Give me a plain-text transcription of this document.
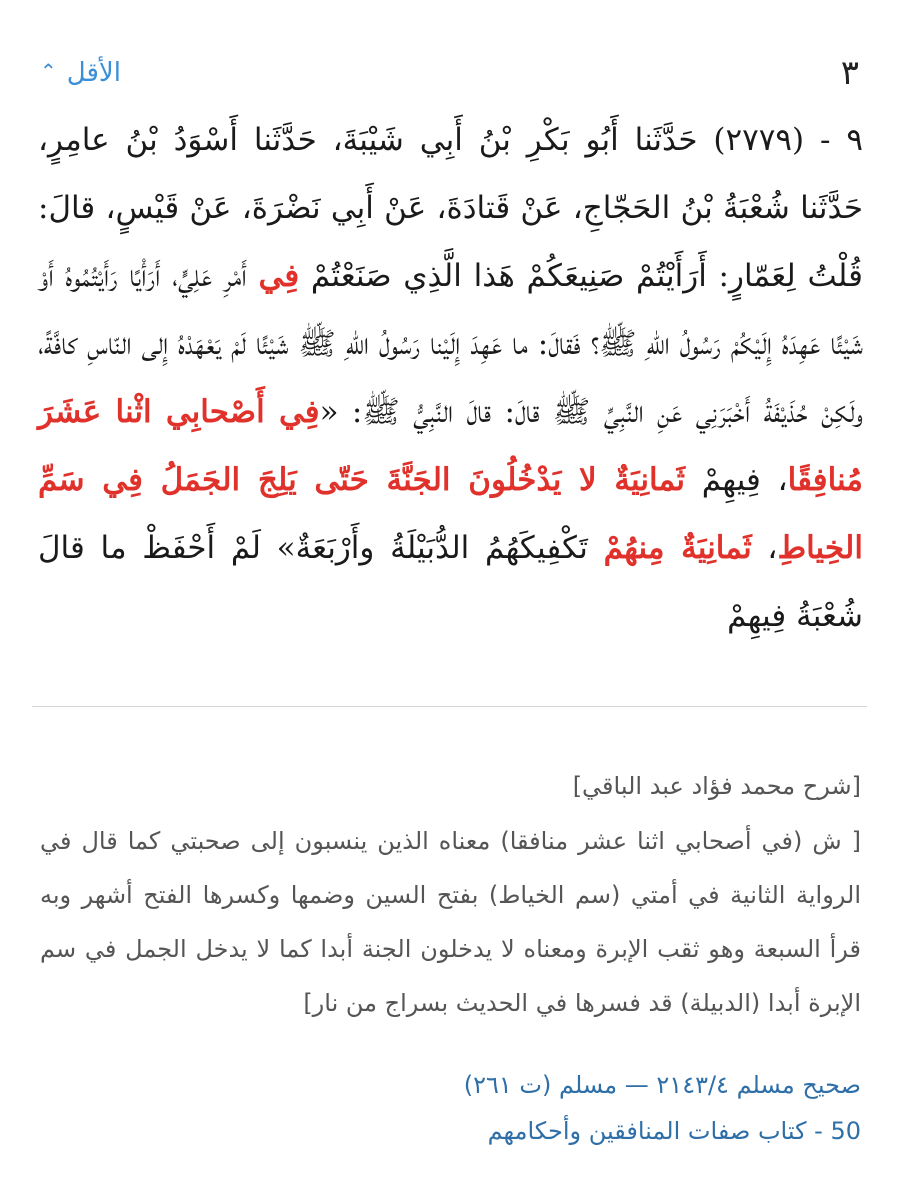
٣
الأقل
⌃
٩ - (٢٧٧٩) حَدَّثَنا أَبُو بَكْرِ بْنُ أَبِي شَيْبَةَ، حَدَّثَنا أَسْوَدُ بْنُ عامِرٍ، حَدَّثَنا شُعْبَةُ بْنُ الحَجّاجِ، عَنْ قَتادَةَ، عَنْ أَبِي نَضْرَةَ، عَنْ قَيْسٍ، قالَ: قُلْتُ لِعَمّارٍ: أَرَأَيْتُمْ صَنِيعَكُمْ هَذا الَّذِي صَنَعْتُمْ فِي أَمْرِ عَلِيٍّ، أَرَأْيًا رَأَيْتُمُوهُ أَوْ شَيْئًا عَهِدَهُ إِلَيْكُمْ رَسُولُ اللهِ ﷺ؟ فَقالَ: ما عَهِدَ إِلَيْنا رَسُولُ اللهِ ﷺ شَيْئًا لَمْ يَعْهَدْهُ إِلى النّاسِ كافَّةً، ولَكِنْ حُذَيْفَةُ أَخْبَرَنِي عَنِ النَّبِيِّ ﷺ قالَ: قالَ النَّبِيُّ ﷺ: «فِي أَصْحابِي اثْنا عَشَرَ مُنافِقًا، فِيهِمْ ثَمانِيَةٌ لا يَدْخُلُونَ الجَنَّةَ حَتّى يَلِجَ الجَمَلُ فِي سَمِّ الخِياطِ، ثَمانِيَةٌ مِنهُمْ تَكْفِيكَهُمُ الدُّبَيْلَةُ وأَرْبَعَةٌ» لَمْ أَحْفَظْ ما قالَ شُعْبَةُ فِيهِمْ
[شرح محمد فؤاد عبد الباقي]
[ ش (في أصحابي اثنا عشر منافقا) معناه الذين ينسبون إلى صحبتي كما قال في الرواية الثانية في أمتي (سم الخياط) بفتح السين وضمها وكسرها الفتح أشهر وبه قرأ السبعة وهو ثقب الإبرة ومعناه لا يدخلون الجنة أبدا كما لا يدخل الجمل في سم الإبرة أبدا (الدبيلة) قد فسرها في الحديث بسراج من نار]
صحيح مسلم ٢١٤٣/٤ — مسلم (ت ٢٦١)
50 - كتاب صفات المنافقين وأحكامهم
